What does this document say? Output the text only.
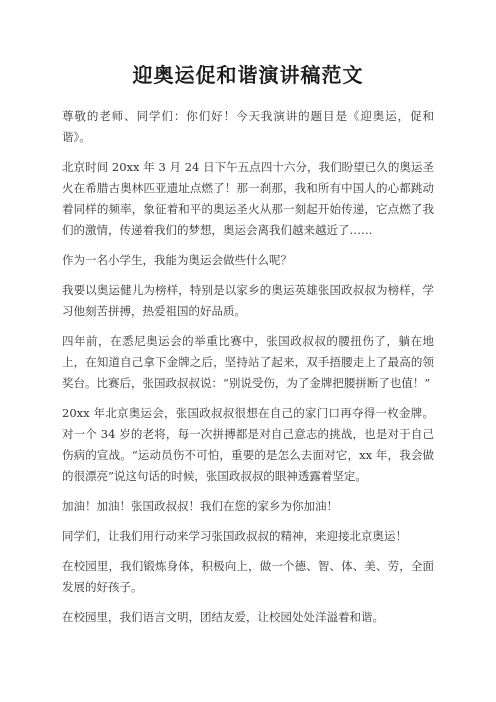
迎奥运促和谐演讲稿范文

尊敬的老师、同学们：你们好！今天我演讲的题目是《迎奥运，促和谐》。

北京时间 20xx 年 3 月 24 日下午五点四十六分，我们盼望已久的奥运圣火在希腊古奥林匹亚遗址点燃了！那一刹那，我和所有中国人的心都跳动着同样的频率，象征着和平的奥运圣火从那一刻起开始传递，它点燃了我们的激情，传递着我们的梦想，奥运会离我们越来越近了……

作为一名小学生，我能为奥运会做些什么呢？

我要以奥运健儿为榜样，特别是以家乡的奥运英雄张国政叔叔为榜样，学习他刻苦拼搏，热爱祖国的好品质。

四年前，在悉尼奥运会的举重比赛中，张国政叔叔的腰扭伤了，躺在地上，在知道自己拿下金牌之后，坚持站了起来，双手捂腰走上了最高的领奖台。比赛后，张国政叔叔说：“别说受伤，为了金牌把腰拼断了也值！”

20xx 年北京奥运会，张国政叔叔很想在自己的家门口再夺得一枚金牌。对一个 34 岁的老将，每一次拼搏都是对自己意志的挑战，也是对于自己伤病的宣战。“运动员伤不可怕，重要的是怎么去面对它，xx 年，我会做的很漂亮”说这句话的时候，张国政叔叔的眼神透露着坚定。

加油！加油！张国政叔叔！我们在您的家乡为你加油！

同学们，让我们用行动来学习张国政叔叔的精神，来迎接北京奥运！

在校园里，我们锻炼身体，积极向上，做一个德、智、体、美、劳，全面发展的好孩子。

在校园里，我们语言文明，团结友爱，让校园处处洋溢着和谐。
